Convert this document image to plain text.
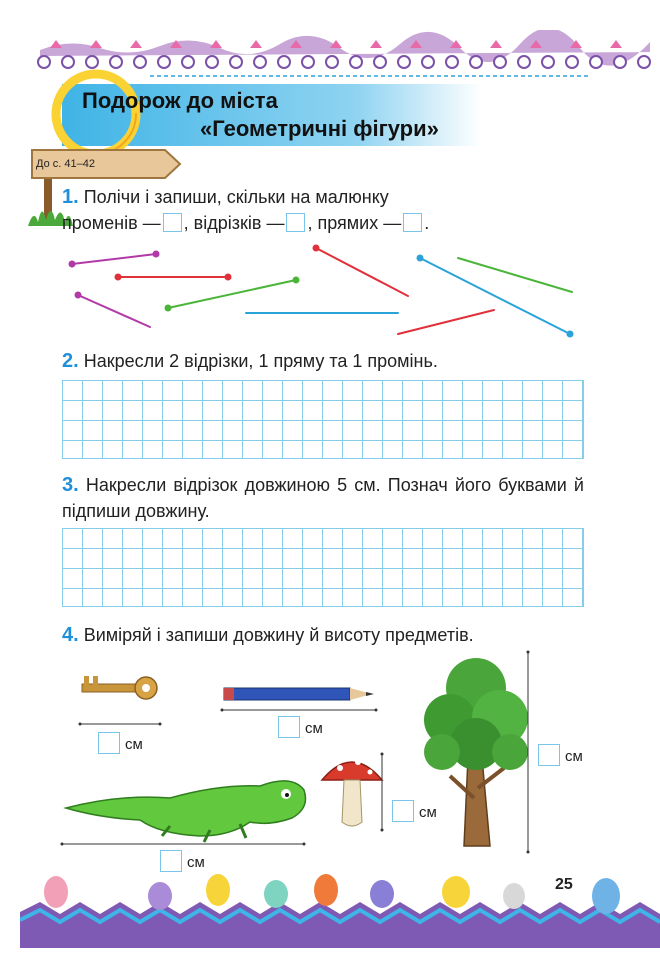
Подорож до міста
«Геометричні фігури»
До с. 41–42
1. Полічи і запиши, скільки на малюнку
променів — , відрізків — , прямих — .
2. Накресли 2 відрізки, 1 пряму та 1 промінь.
3. Накресли відрізок довжиною 5 см. Познач його буквами й підпиши довжину.
4. Виміряй і запиши довжину й висоту предметів.
см
см
см
см
см
25
